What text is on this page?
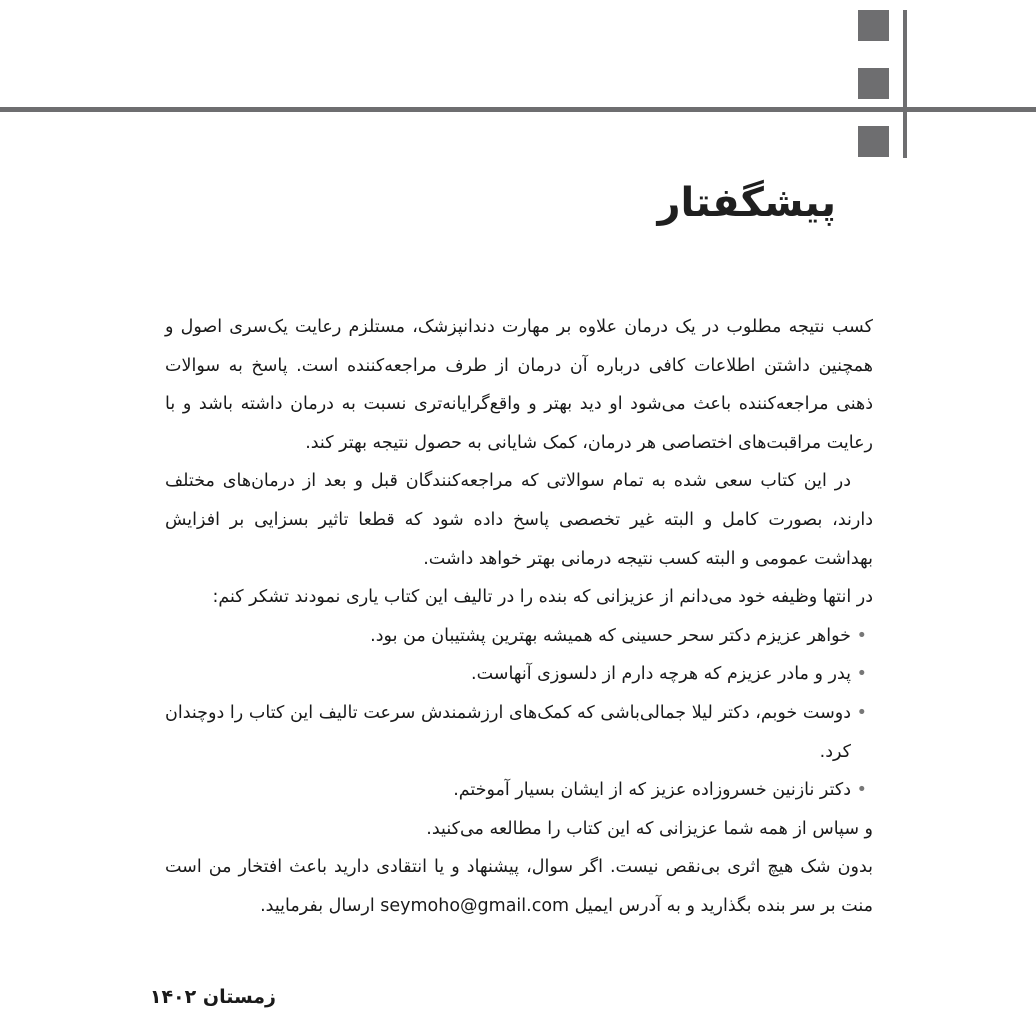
پیشگفتار

کسب نتیجه مطلوب در یک درمان علاوه بر مهارت دندانپزشک، مستلزم رعایت یک‌سری اصول و همچنین داشتن اطلاعات کافی درباره آن درمان از طرف مراجعه‌کننده است. پاسخ به سوالات ذهنی مراجعه‌کننده باعث می‌شود او دید بهتر و واقع‌گرایانه‌تری نسبت به درمان داشته باشد و با رعایت مراقبت‌های اختصاصی هر درمان، کمک شایانی به حصول نتیجه بهتر کند.

در این کتاب سعی شده به تمام سوالاتی که مراجعه‌کنندگان قبل و بعد از درمان‌های مختلف دارند، بصورت کامل و البته غیر تخصصی پاسخ داده شود که قطعا تاثیر بسزایی بر افزایش بهداشت عمومی و البته کسب نتیجه درمانی بهتر خواهد داشت.

در انتها وظیفه خود می‌دانم از عزیزانی که بنده را در تالیف این کتاب یاری نمودند تشکر کنم:

•
خواهر عزیزم دکتر سحر حسینی که همیشه بهترین پشتیبان من بود.
•
پدر و مادر عزیزم که هرچه دارم از دلسوزی آنهاست.
•
دوست خوبم، دکتر لیلا جمالی‌باشی که کمک‌های ارزشمندش سرعت تالیف این کتاب را دوچندان کرد.
•
دکتر نازنین خسروزاده عزیز که از ایشان بسیار آموختم.

و سپاس از همه شما عزیزانی که این کتاب را مطالعه می‌کنید.

بدون شک هیچ اثری بی‌نقص نیست. اگر سوال، پیشنهاد و یا انتقادی دارید باعث افتخار من است منت بر سر بنده بگذارید و به آدرس ایمیل seymoho@gmail.com ارسال بفرمایید.

زمستان ۱۴۰۲
